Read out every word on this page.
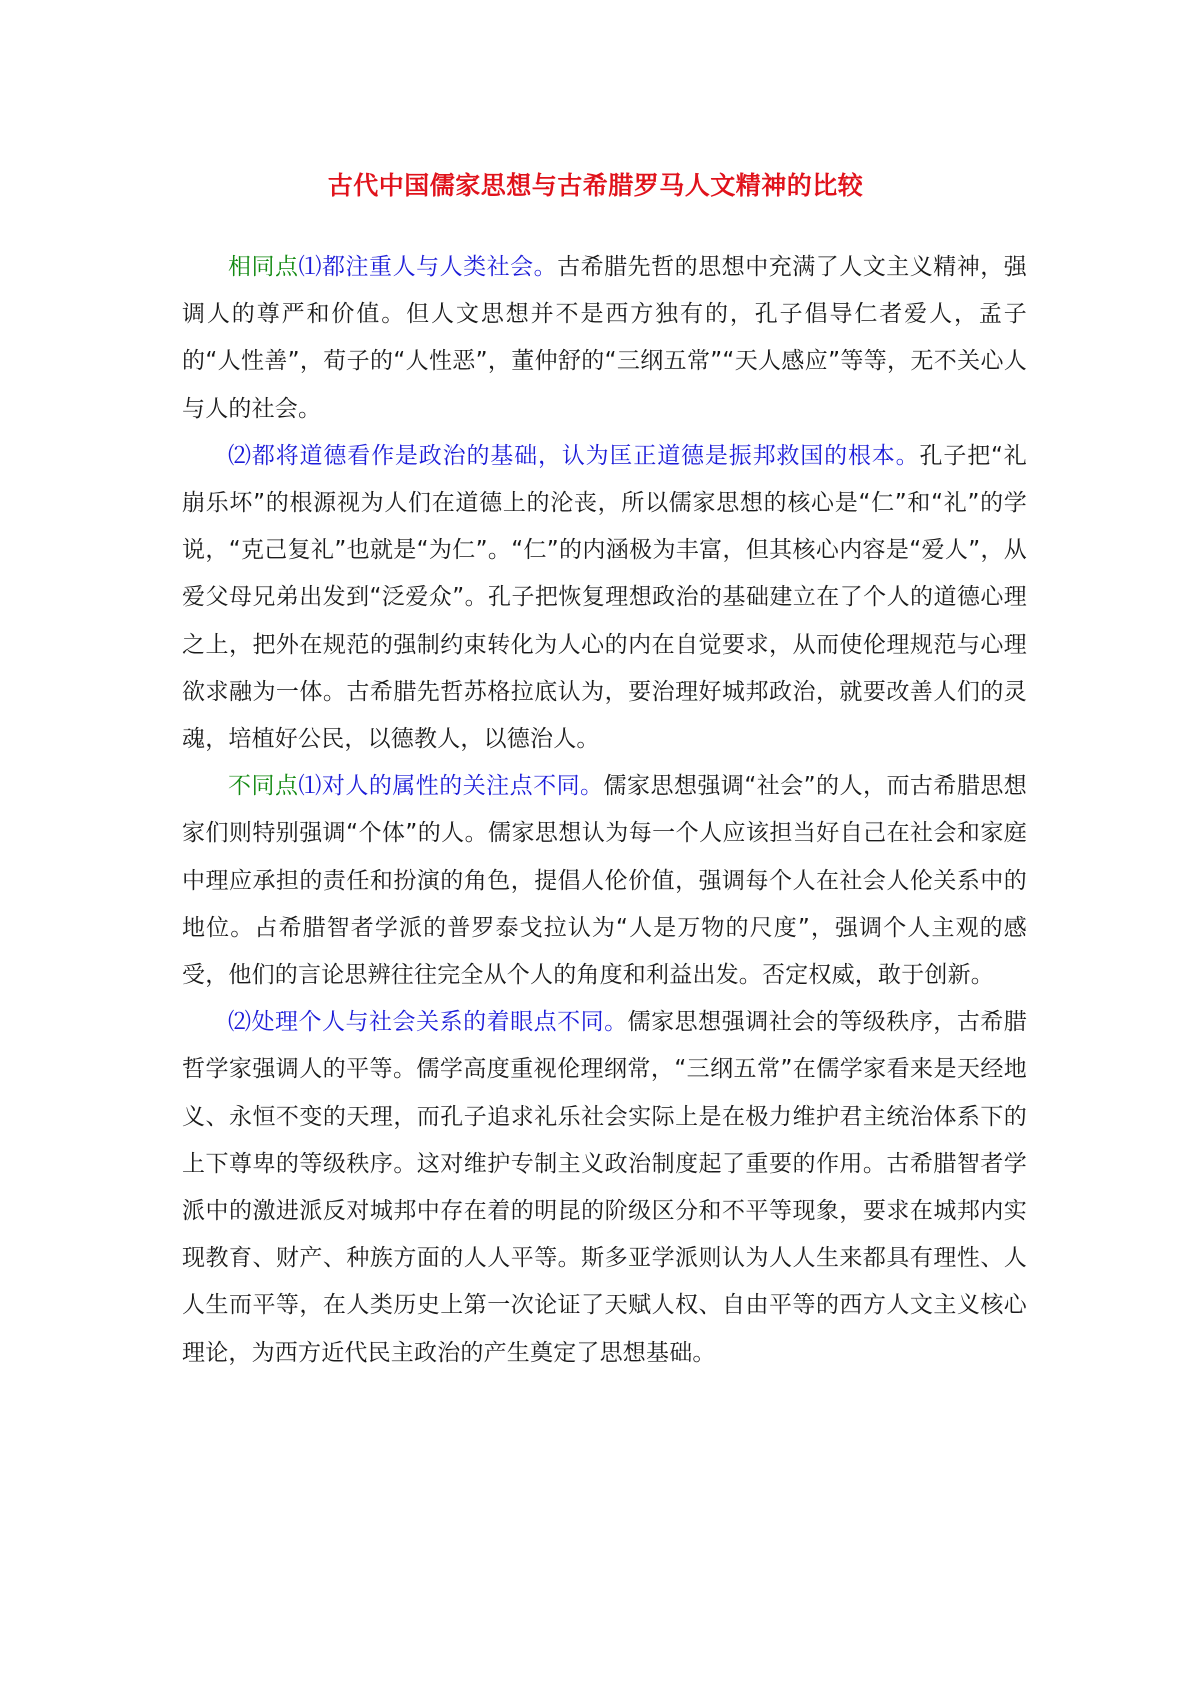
古代中国儒家思想与古希腊罗马人文精神的比较

相同点⑴都注重人与人类社会。古希腊先哲的思想中充满了人文主义精神，强调人的尊严和价值。但人文思想并不是西方独有的，孔子倡导仁者爱人，孟子的“人性善”，荀子的“人性恶”，董仲舒的“三纲五常”“天人感应”等等，无不关心人与人的社会。

⑵都将道德看作是政治的基础，认为匡正道德是振邦救国的根本。孔子把“礼崩乐坏”的根源视为人们在道德上的沦丧，所以儒家思想的核心是“仁”和“礼”的学说，“克己复礼”也就是“为仁”。“仁”的内涵极为丰富，但其核心内容是“爱人”，从爱父母兄弟出发到“泛爱众”。孔子把恢复理想政治的基础建立在了个人的道德心理之上，把外在规范的强制约束转化为人心的内在自觉要求，从而使伦理规范与心理欲求融为一体。古希腊先哲苏格拉底认为，要治理好城邦政治，就要改善人们的灵魂，培植好公民，以德教人，以德治人。

不同点⑴对人的属性的关注点不同。儒家思想强调“社会”的人，而古希腊思想家们则特别强调“个体”的人。儒家思想认为每一个人应该担当好自己在社会和家庭中理应承担的责任和扮演的角色，提倡人伦价值，强调每个人在社会人伦关系中的地位。占希腊智者学派的普罗泰戈拉认为“人是万物的尺度”，强调个人主观的感受，他们的言论思辨往往完全从个人的角度和利益出发。否定权威，敢于创新。

⑵处理个人与社会关系的着眼点不同。儒家思想强调社会的等级秩序，古希腊哲学家强调人的平等。儒学高度重视伦理纲常，“三纲五常”在儒学家看来是天经地义、永恒不变的天理，而孔子追求礼乐社会实际上是在极力维护君主统治体系下的上下尊卑的等级秩序。这对维护专制主义政治制度起了重要的作用。古希腊智者学派中的激进派反对城邦中存在着的明昆的阶级区分和不平等现象，要求在城邦内实现教育、财产、种族方面的人人平等。斯多亚学派则认为人人生来都具有理性、人人生而平等，在人类历史上第一次论证了天赋人权、自由平等的西方人文主义核心理论，为西方近代民主政治的产生奠定了思想基础。
